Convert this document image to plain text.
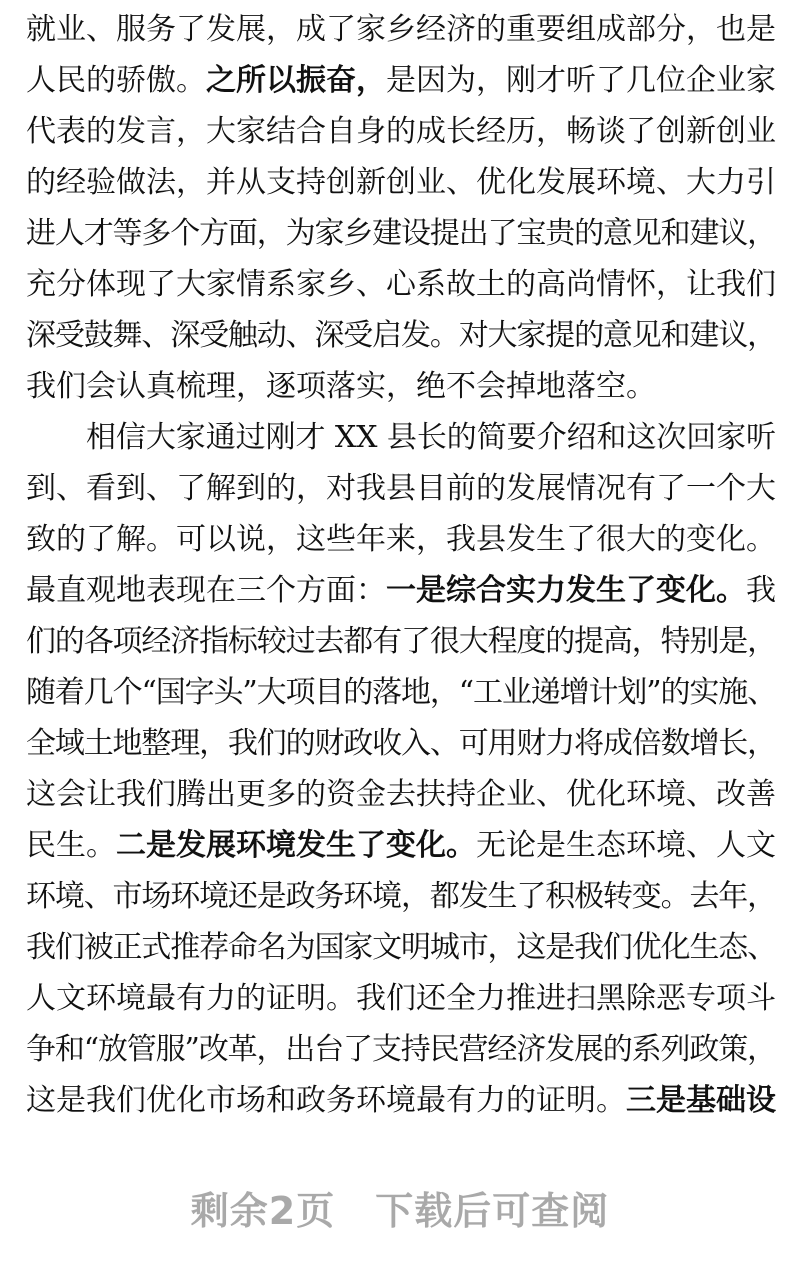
就业、服务了发展，成了家乡经济的重要组成部分，也是
人民的骄傲。之所以振奋，是因为，刚才听了几位企业家
代表的发言，大家结合自身的成长经历，畅谈了创新创业
的经验做法，并从支持创新创业、优化发展环境、大力引
进人才等多个方面，为家乡建设提出了宝贵的意见和建议，
充分体现了大家情系家乡、心系故土的高尚情怀，让我们
深受鼓舞、深受触动、深受启发。对大家提的意见和建议，
我们会认真梳理，逐项落实，绝不会掉地落空。
相信大家通过刚才 XX 县长的简要介绍和这次回家听
到、看到、了解到的，对我县目前的发展情况有了一个大
致的了解。可以说，这些年来，我县发生了很大的变化。
最直观地表现在三个方面：一是综合实力发生了变化。我
们的各项经济指标较过去都有了很大程度的提高，特别是，
随着几个“国字头”大项目的落地，“工业递增计划”的实施、
全域土地整理，我们的财政收入、可用财力将成倍数增长，
这会让我们腾出更多的资金去扶持企业、优化环境、改善
民生。二是发展环境发生了变化。无论是生态环境、人文
环境、市场环境还是政务环境，都发生了积极转变。去年，
我们被正式推荐命名为国家文明城市，这是我们优化生态、
人文环境最有力的证明。我们还全力推进扫黑除恶专项斗
争和“放管服”改革，出台了支持民营经济发展的系列政策，
这是我们优化市场和政务环境最有力的证明。三是基础设
剩余2页 下载后可查阅
